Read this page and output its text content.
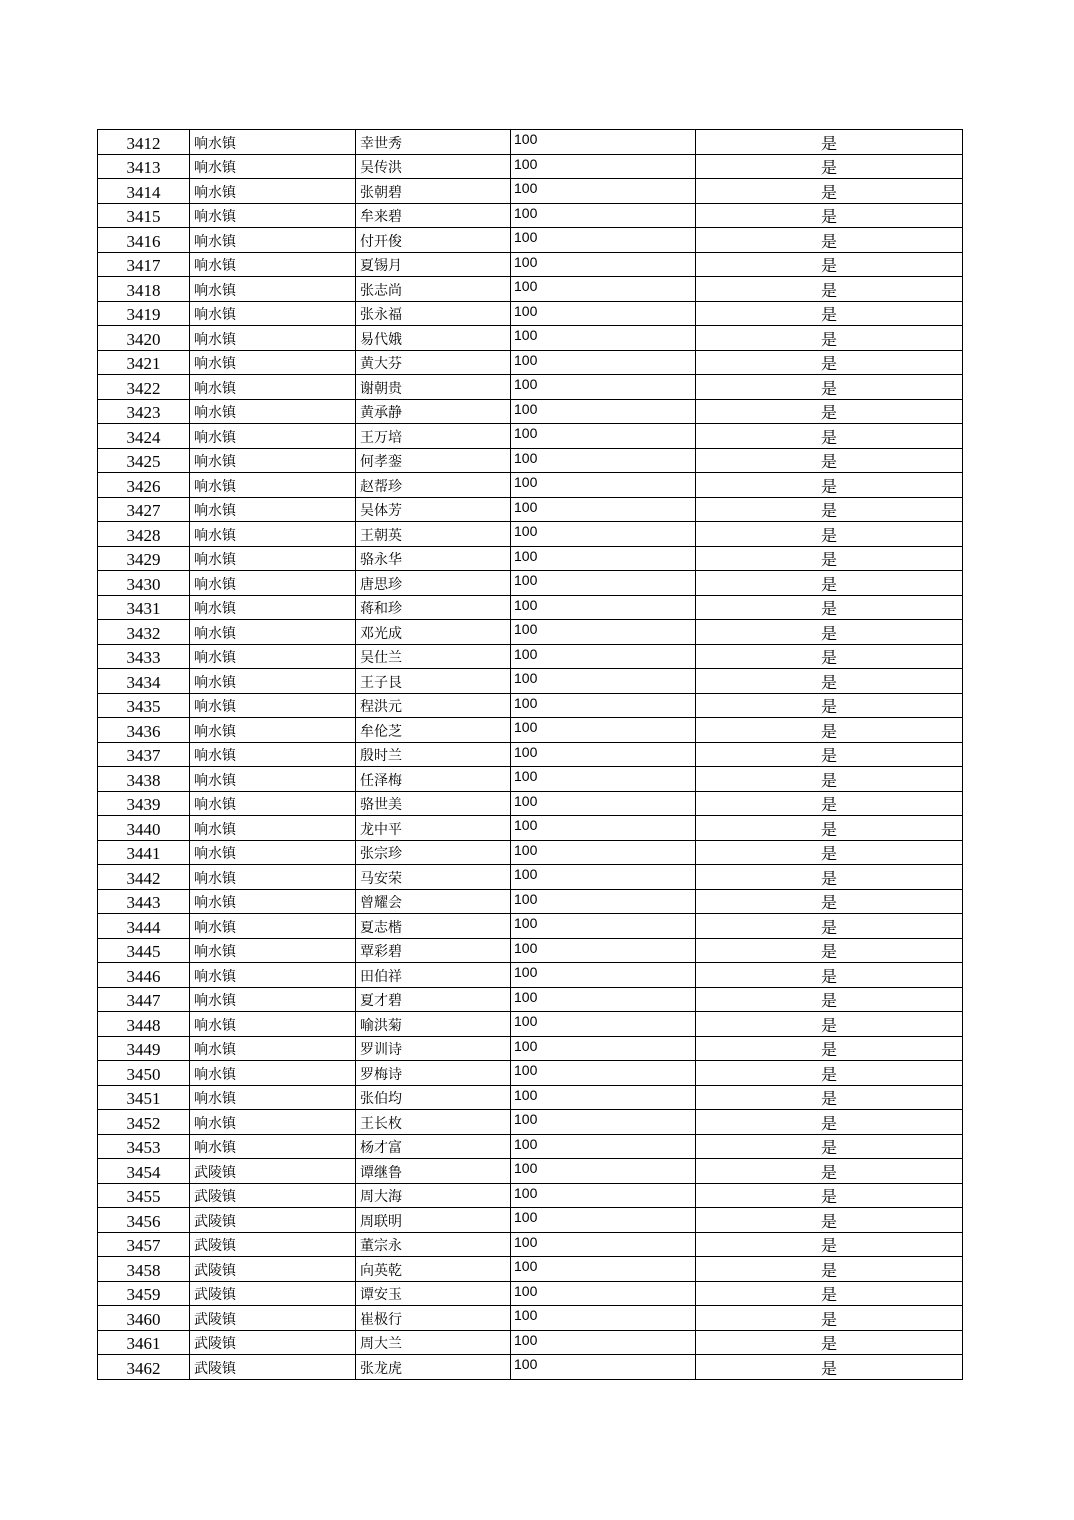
3412	响水镇	幸世秀	100	是
3413	响水镇	吴传洪	100	是
3414	响水镇	张朝碧	100	是
3415	响水镇	牟来碧	100	是
3416	响水镇	付开俊	100	是
3417	响水镇	夏锡月	100	是
3418	响水镇	张志尚	100	是
3419	响水镇	张永福	100	是
3420	响水镇	易代娥	100	是
3421	响水镇	黄大芬	100	是
3422	响水镇	谢朝贵	100	是
3423	响水镇	黄承静	100	是
3424	响水镇	王万培	100	是
3425	响水镇	何孝銮	100	是
3426	响水镇	赵帮珍	100	是
3427	响水镇	吴体芳	100	是
3428	响水镇	王朝英	100	是
3429	响水镇	骆永华	100	是
3430	响水镇	唐思珍	100	是
3431	响水镇	蒋和珍	100	是
3432	响水镇	邓光成	100	是
3433	响水镇	吴仕兰	100	是
3434	响水镇	王子艮	100	是
3435	响水镇	程洪元	100	是
3436	响水镇	牟伦芝	100	是
3437	响水镇	殷时兰	100	是
3438	响水镇	任泽梅	100	是
3439	响水镇	骆世美	100	是
3440	响水镇	龙中平	100	是
3441	响水镇	张宗珍	100	是
3442	响水镇	马安荣	100	是
3443	响水镇	曾耀会	100	是
3444	响水镇	夏志楷	100	是
3445	响水镇	覃彩碧	100	是
3446	响水镇	田伯祥	100	是
3447	响水镇	夏才碧	100	是
3448	响水镇	喻洪菊	100	是
3449	响水镇	罗训诗	100	是
3450	响水镇	罗梅诗	100	是
3451	响水镇	张伯均	100	是
3452	响水镇	王长枚	100	是
3453	响水镇	杨才富	100	是
3454	武陵镇	谭继鲁	100	是
3455	武陵镇	周大海	100	是
3456	武陵镇	周联明	100	是
3457	武陵镇	董宗永	100	是
3458	武陵镇	向英乾	100	是
3459	武陵镇	谭安玉	100	是
3460	武陵镇	崔极行	100	是
3461	武陵镇	周大兰	100	是
3462	武陵镇	张龙虎	100	是
